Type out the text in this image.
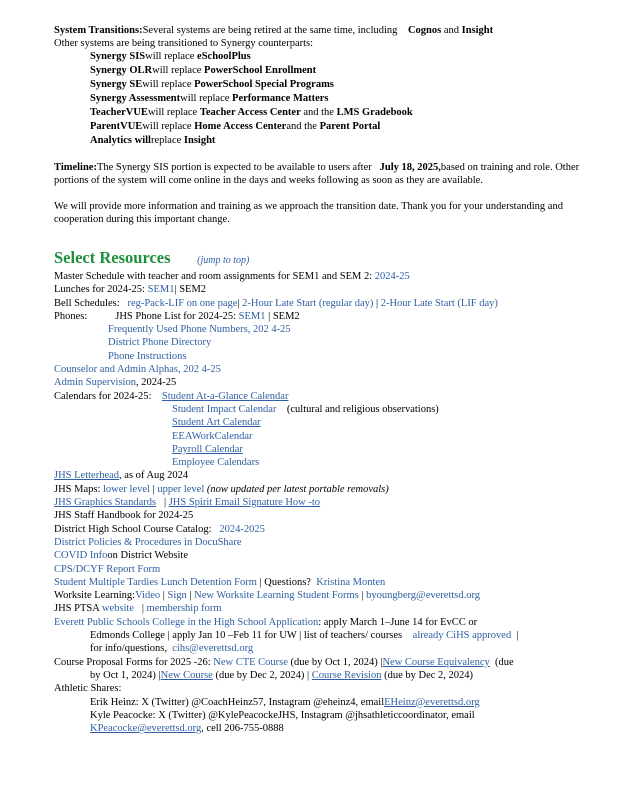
System Transitions:Several systems are being retired at the same time, including Cognos and Insight

Other systems are being transitioned to Synergy counterparts:

Synergy SISwill replace eSchoolPlus
Synergy OLRwill replace PowerSchool Enrollment
Synergy SEwill replace PowerSchool Special Programs
Synergy Assessmentwill replace Performance Matters
TeacherVUEwill replace Teacher Access Center and the LMS Gradebook
ParentVUEwill replace Home Access Centerand the Parent Portal
Analytics willreplace Insight

Timeline:The Synergy SIS portion is expected to be available to users after July 18, 2025,based on training and role. Other portions of the system will come online in the days and weeks following as soon as they are available.

We will provide more information and training as we approach the transition date. Thank you for your understanding and cooperation during this important change.

Select Resources	(jump to top)
Master Schedule with teacher and room assignments for SEM1 and SEM 2: 2024-25
Lunches for 2024-25: SEM1| SEM2
Bell Schedules: reg-Pack-LIF on one page| 2-Hour Late Start (regular day) | 2-Hour Late Start (LIF day)
Phones:	JHS Phone List for 2024-25: SEM1 | SEM2
Frequently Used Phone Numbers, 202 4-25
District Phone Directory
Phone Instructions
Counselor and Admin Alphas, 202 4-25
Admin Supervision, 2024-25
Calendars for 2024-25: Student At-a-Glance Calendar
Student Impact Calendar (cultural and religious observations)
Student Art Calendar
EEAWorkCalendar
Payroll Calendar
Employee Calendars
JHS Letterhead, as of Aug 2024
JHS Maps: lower level | upper level (now updated per latest portable removals)
JHS Graphics Standards | JHS Spirit Email Signature How -to
JHS Staff Handbook for 2024-25
District High School Course Catalog: 2024-2025
District Policies & Procedures in DocuShare
COVID Infoon District Website
CPS/DCYF Report Form
Student Multiple Tardies Lunch Detention Form | Questions? Kristina Monten
Worksite Learning:Video | Sign | New Worksite Learning Student Forms | byoungberg@everettsd.org
JHS PTSA website | membership form
Everett Public Schools College in the High School Application: apply March 1–June 14 for EvCC or
Edmonds College | apply Jan 10 –Feb 11 for UW | list of teachers/ courses already CiHS approved |
for info/questions, cihs@everettsd.org
Course Proposal Forms for 2025 -26: New CTE Course (due by Oct 1, 2024) |New Course Equivalency (due
by Oct 1, 2024) |New Course (due by Dec 2, 2024) | Course Revision (due by Dec 2, 2024)
Athletic Shares:
Erik Heinz: X (Twitter) @CoachHeinz57, Instagram @eheinz4, emailEHeinz@everettsd.org
Kyle Peacocke: X (Twitter) @KylePeacockeJHS, Instagram @jhsathleticcoordinator, email
KPeacocke@everettsd.org, cell 206-755-0888
